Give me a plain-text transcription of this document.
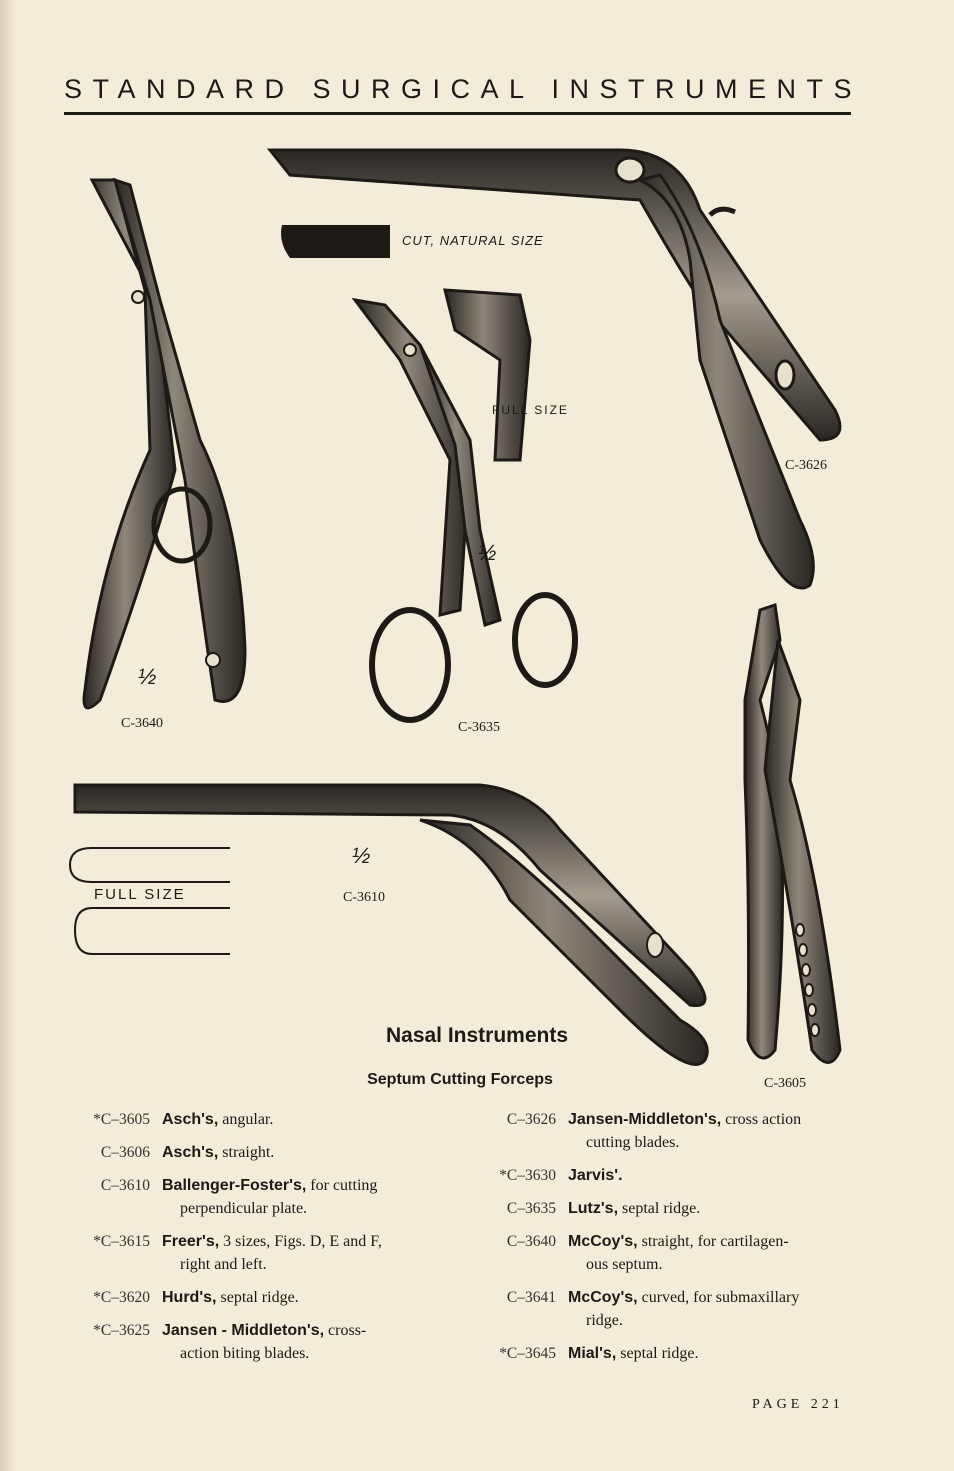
STANDARD SURGICAL INSTRUMENTS
CUT, NATURAL SIZE
FULL SIZE
FULL SIZE
½
½
½
C-3640	C-3635
C-3626
C-3610
C-3605
Nasal Instruments
Septum Cutting Forceps
*C–3605 Asch's, angular.
C–3606 Asch's, straight.
C–3610 Ballenger-Foster's, for cutting
perpendicular plate.
*C–3615 Freer's, 3 sizes, Figs. D, E and F,
right and left.
*C–3620 Hurd's, septal ridge.
*C–3625 Jansen - Middleton's, cross-
action biting blades.
C–3626 Jansen-Middleton's, cross action
cutting blades.
*C–3630 Jarvis'.
C–3635 Lutz's, septal ridge.
C–3640 McCoy's, straight, for cartilagen-
ous septum.
C–3641 McCoy's, curved, for submaxillary
ridge.
*C–3645 Mial's, septal ridge.
PAGE 221
